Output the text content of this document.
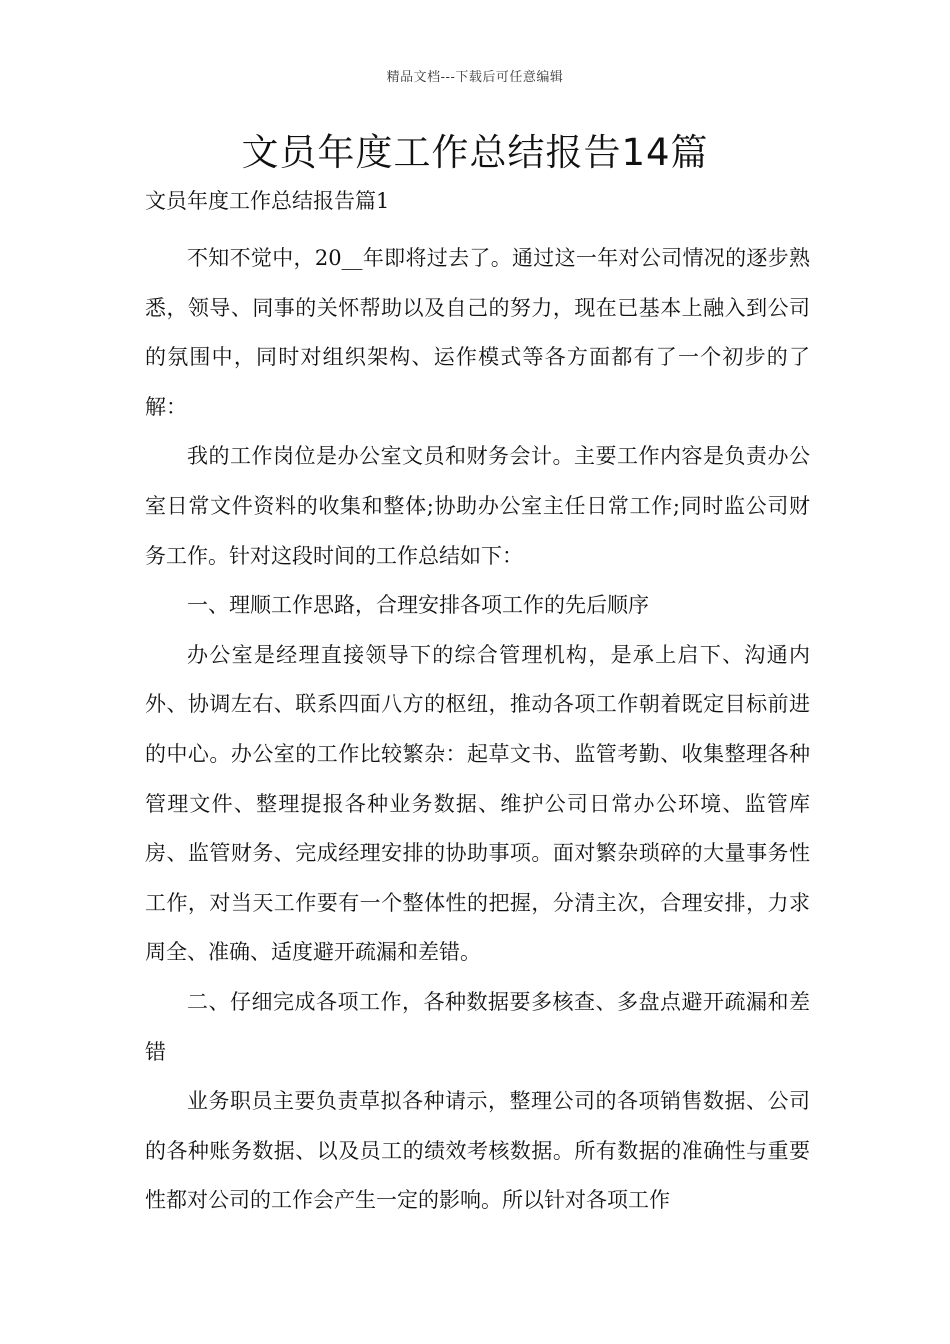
精品文档---下载后可任意编辑
文员年度工作总结报告14篇

文员年度工作总结报告篇1

不知不觉中，20__年即将过去了。通过这一年对公司情况的逐步熟悉，领导、同事的关怀帮助以及自己的努力，现在已基本上融入到公司的氛围中，同时对组织架构、运作模式等各方面都有了一个初步的了解：

我的工作岗位是办公室文员和财务会计。主要工作内容是负责办公室日常文件资料的收集和整体;协助办公室主任日常工作;同时监公司财务工作。针对这段时间的工作总结如下：

一、理顺工作思路，合理安排各项工作的先后顺序

办公室是经理直接领导下的综合管理机构，是承上启下、沟通内外、协调左右、联系四面八方的枢纽，推动各项工作朝着既定目标前进的中心。办公室的工作比较繁杂：起草文书、监管考勤、收集整理各种管理文件、整理提报各种业务数据、维护公司日常办公环境、监管库房、监管财务、完成经理安排的协助事项。面对繁杂琐碎的大量事务性工作，对当天工作要有一个整体性的把握，分清主次，合理安排，力求周全、准确、适度避开疏漏和差错。

二、仔细完成各项工作，各种数据要多核查、多盘点避开疏漏和差错

业务职员主要负责草拟各种请示，整理公司的各项销售数据、公司的各种账务数据、以及员工的绩效考核数据。所有数据的准确性与重要性都对公司的工作会产生一定的影响。所以针对各项工作
